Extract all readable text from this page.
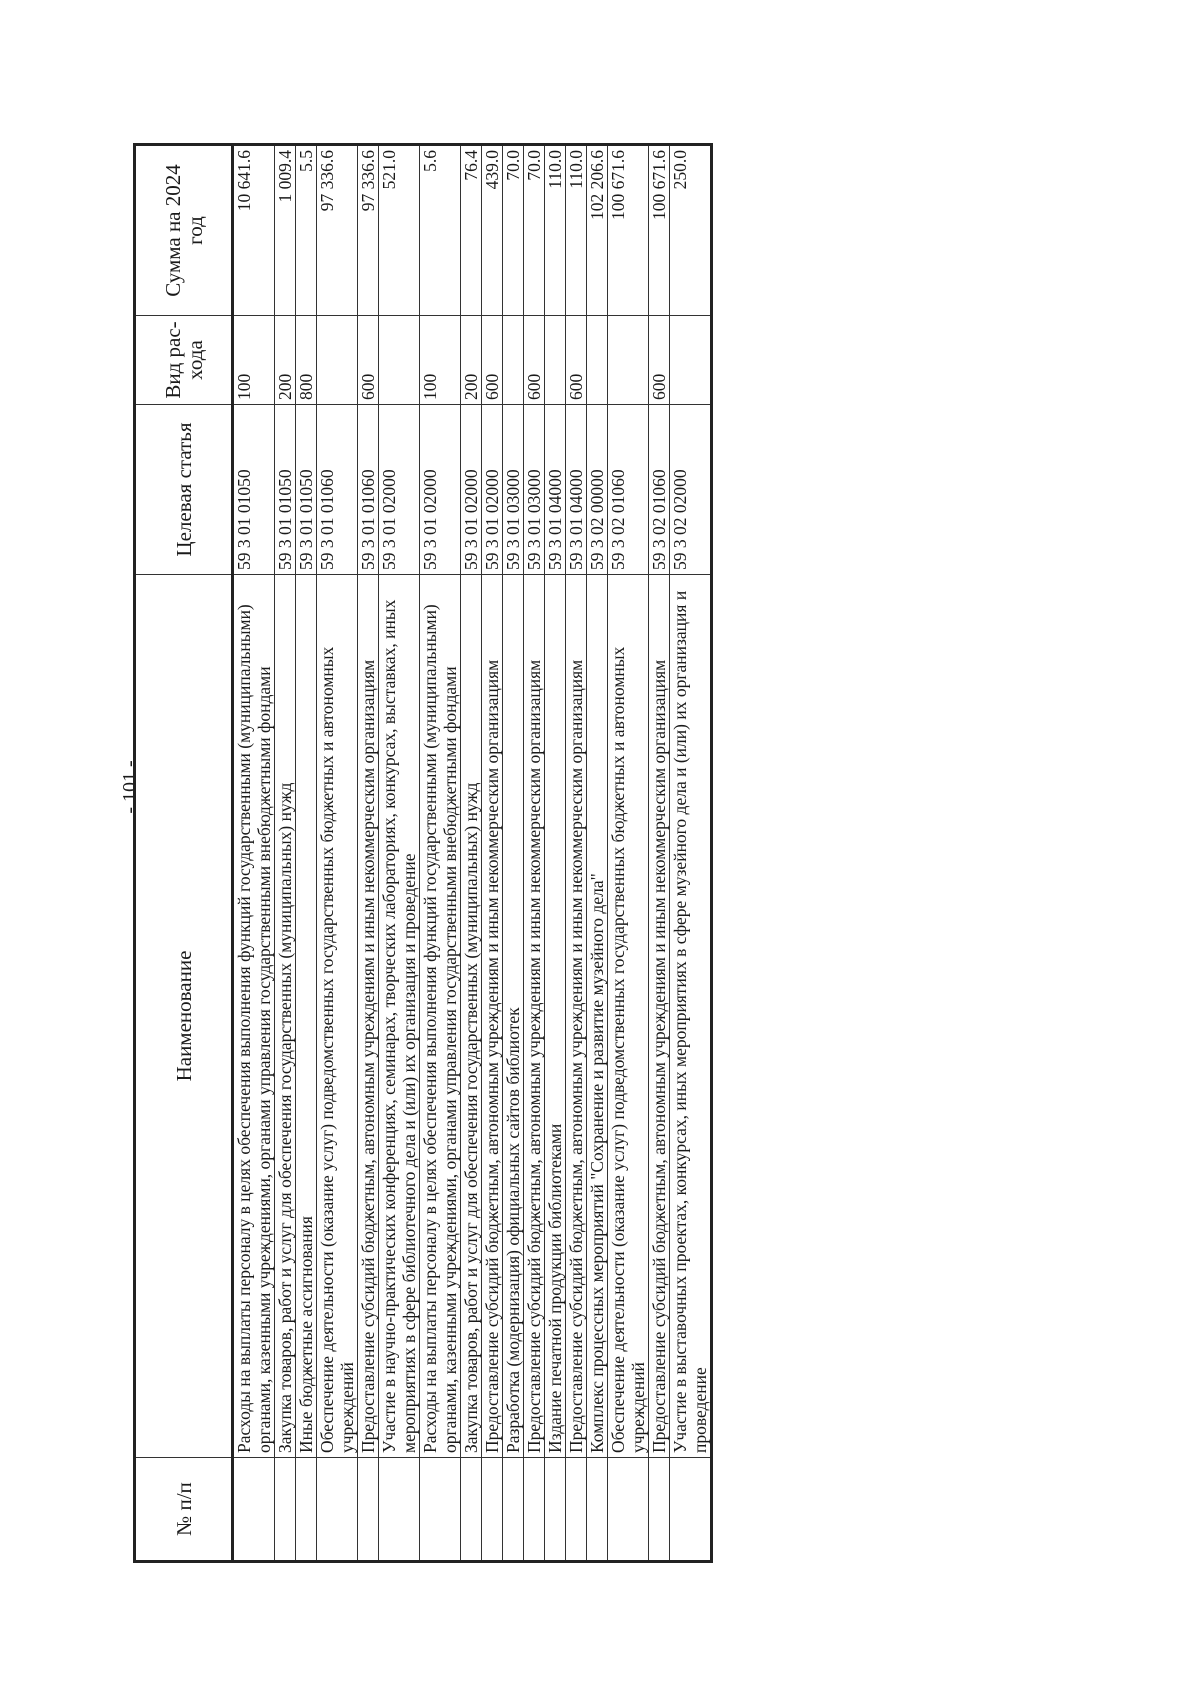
- 101 -
№ п/п	Наименование	Целевая статья	Вид рас- хода	Сумма на 2024 год
	Расходы на выплаты персоналу в целях обеспечения выполнения функций государственными (муниципальными) органами, казенными учреждениями, органами управления государственными внебюджетными фондами	59 3 01 01050	100	10 641.6
	Закупка товаров, работ и услуг для обеспечения государственных (муниципальных) нужд	59 3 01 01050	200	1 009.4
	Иные бюджетные ассигнования	59 3 01 01050	800	5.5
	Обеспечение деятельности (оказание услуг) подведомственных государственных бюджетных и автономных учреждений	59 3 01 01060		97 336.6
	Предоставление субсидий бюджетным, автономным учреждениям и иным некоммерческим организациям	59 3 01 01060	600	97 336.6
	Участие в научно-практических конференциях, семинарах, творческих лабораториях, конкурсах, выставках, иных мероприятиях в сфере библиотечного дела и (или) их организация и проведение	59 3 01 02000		521.0
	Расходы на выплаты персоналу в целях обеспечения выполнения функций государственными (муниципальными) органами, казенными учреждениями, органами управления государственными внебюджетными фондами	59 3 01 02000	100	5.6
	Закупка товаров, работ и услуг для обеспечения государственных (муниципальных) нужд	59 3 01 02000	200	76.4
	Предоставление субсидий бюджетным, автономным учреждениям и иным некоммерческим организациям	59 3 01 02000	600	439.0
	Разработка (модернизация) официальных сайтов библиотек	59 3 01 03000		70.0
	Предоставление субсидий бюджетным, автономным учреждениям и иным некоммерческим организациям	59 3 01 03000	600	70.0
	Издание печатной продукции библиотеками	59 3 01 04000		110.0
	Предоставление субсидий бюджетным, автономным учреждениям и иным некоммерческим организациям	59 3 01 04000	600	110.0
	Комплекс процессных мероприятий "Сохранение и развитие музейного дела"	59 3 02 00000		102 206.6
	Обеспечение деятельности (оказание услуг) подведомственных государственных бюджетных и автономных учреждений	59 3 02 01060		100 671.6
	Предоставление субсидий бюджетным, автономным учреждениям и иным некоммерческим организациям	59 3 02 01060	600	100 671.6
	Участие в выставочных проектах, конкурсах, иных мероприятиях в сфере музейного дела и (или) их организация и проведение	59 3 02 02000		250.0
